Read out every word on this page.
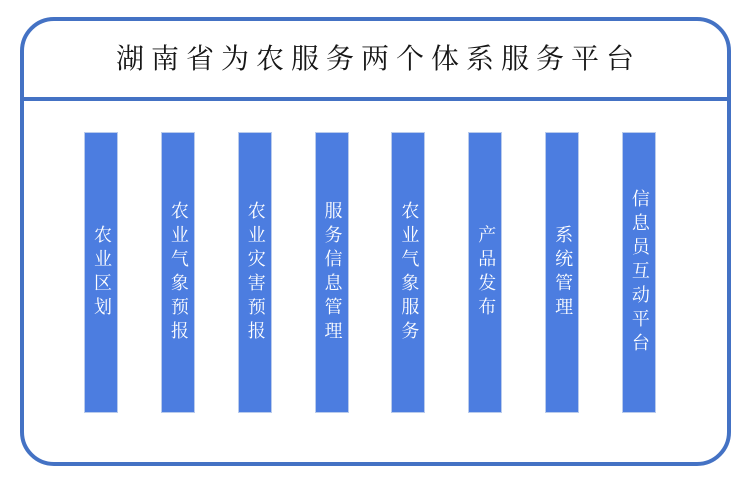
湖南省为农服务两个体系服务平台
农业区划	农业气象预报	农业灾害预报	服务信息管理	农业气象服务	产品发布	系统管理	信息员互动平台
